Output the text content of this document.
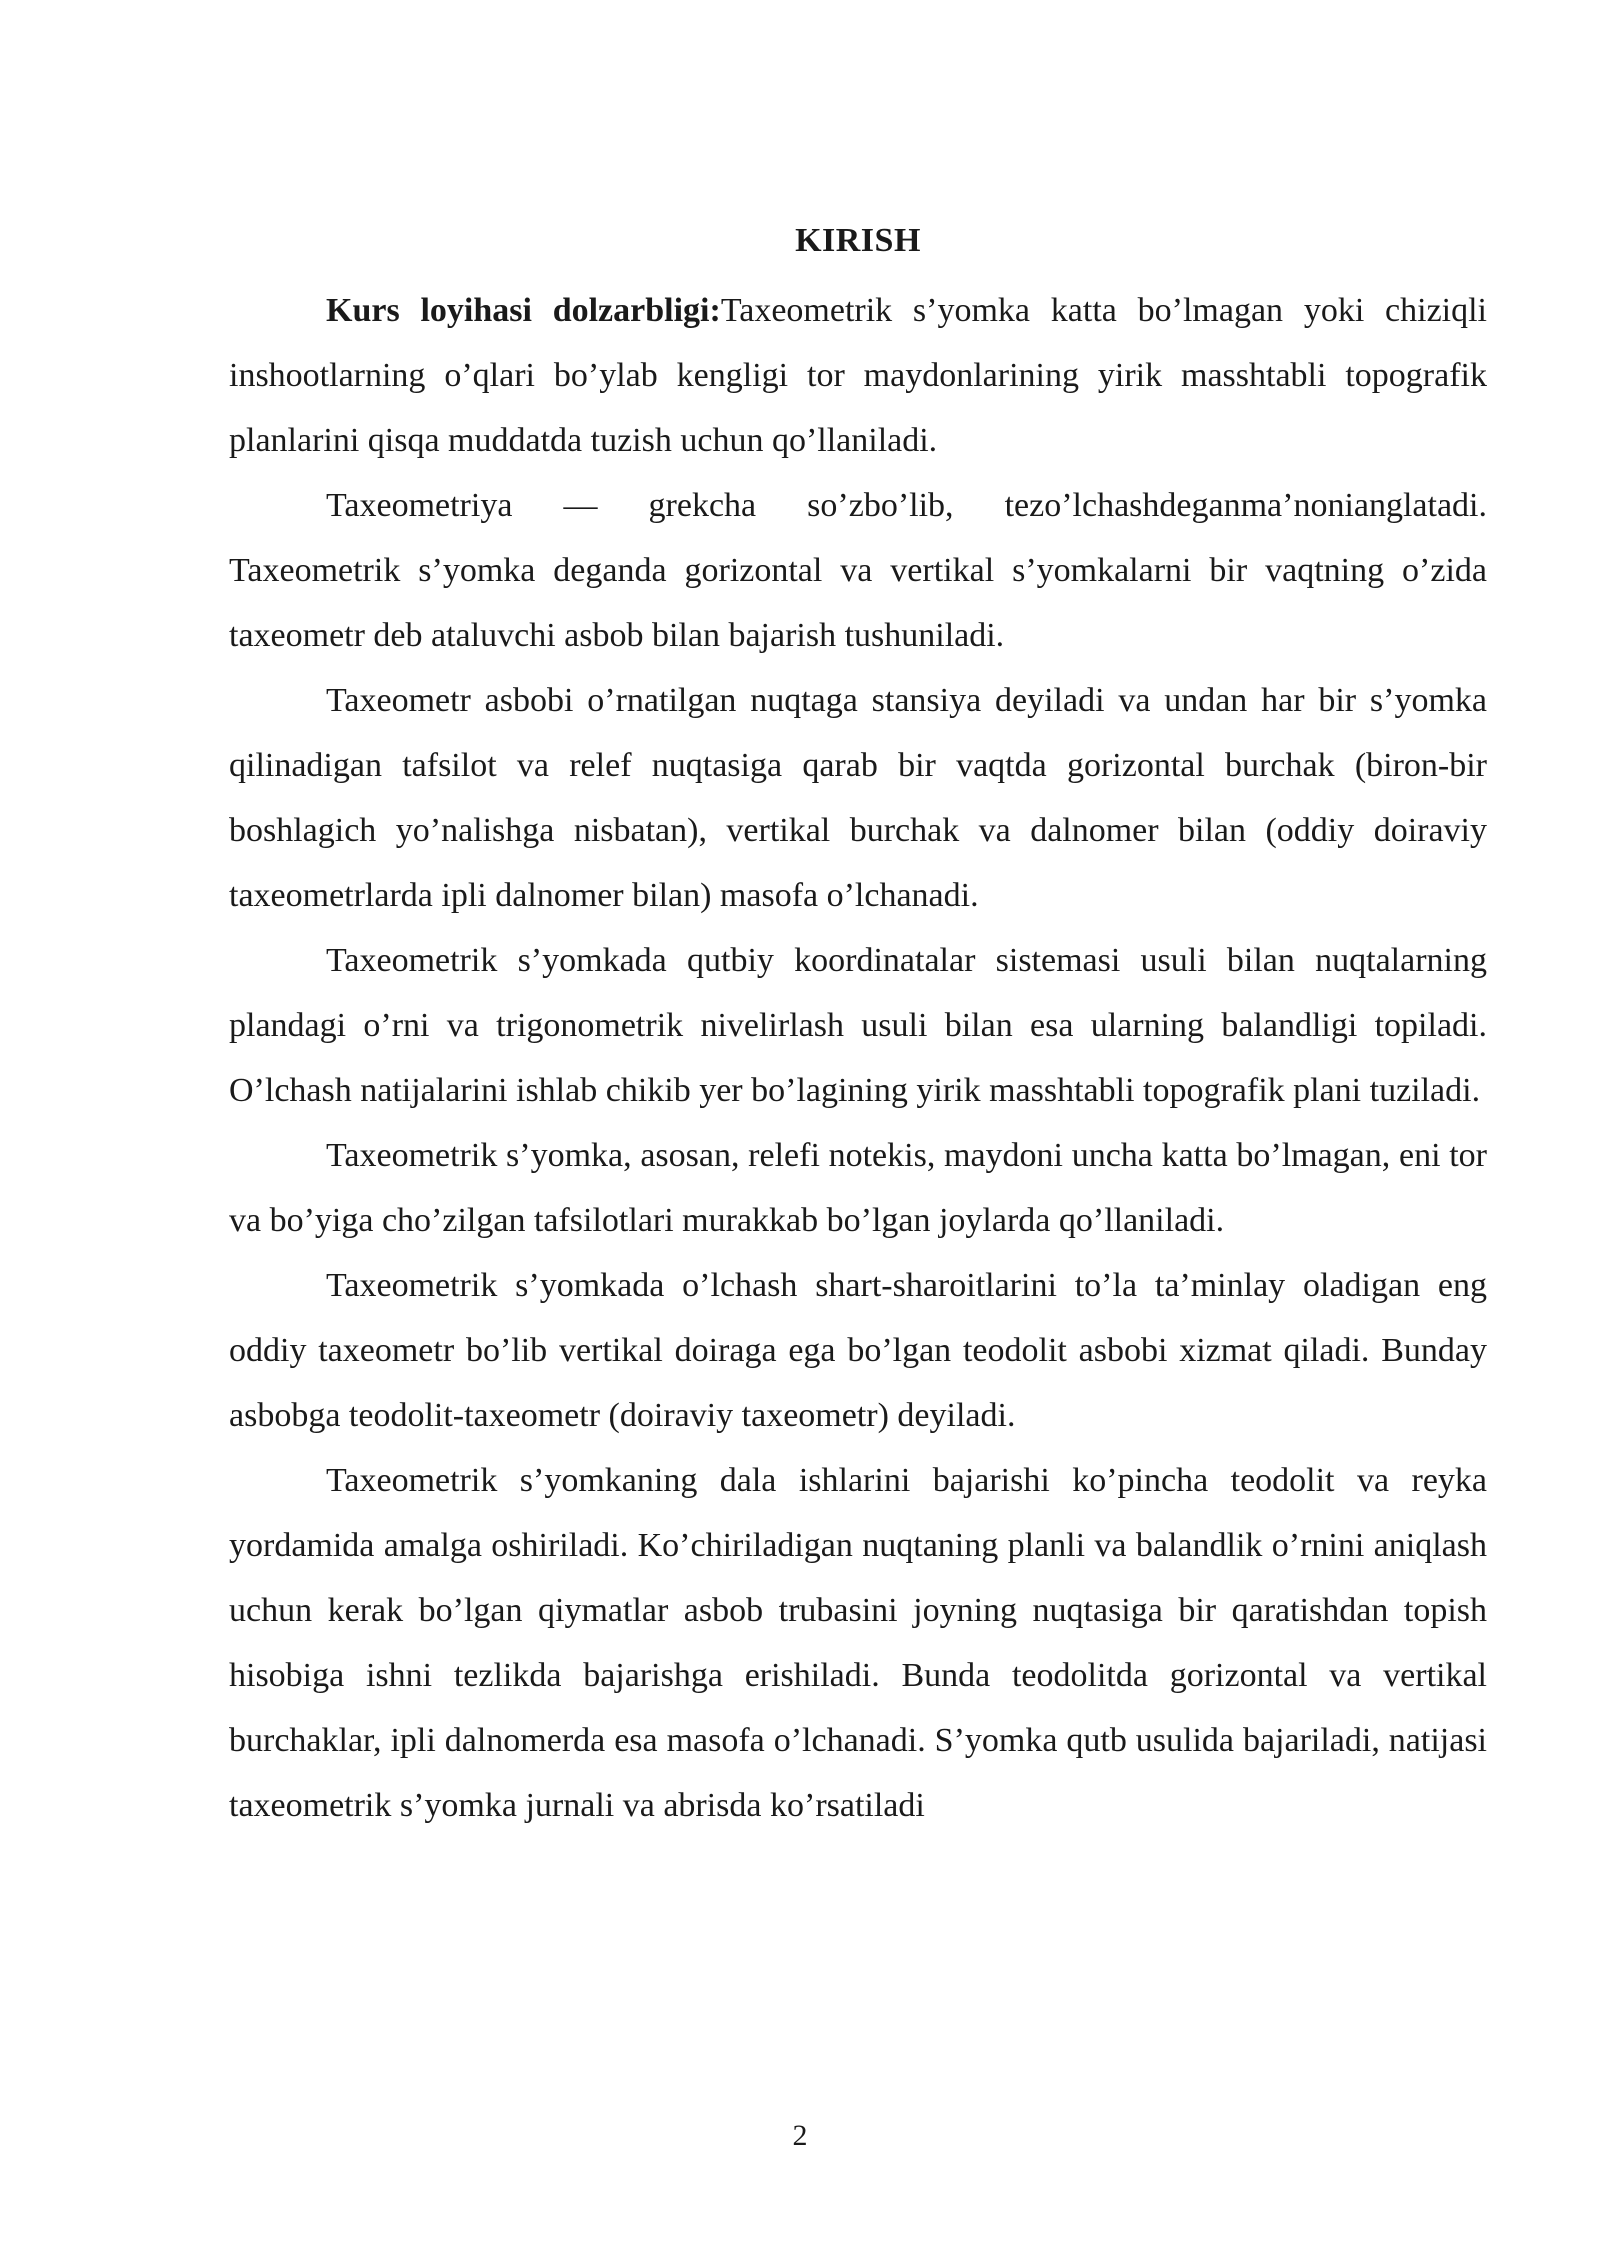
KIRISH

Kurs loyihasi dolzarbligi:Taxeometrik s’yomka katta bo’lmagan yoki chiziqli inshootlarning o’qlari bo’ylab kengligi tor maydonlarining yirik masshtabli topografik planlarini qisqa muddatda tuzish uchun qo’llaniladi.

Taxeometriya — grekcha so’zbo’lib, tezo’lchashdeganma’nonianglatadi. Taxeometrik s’yomka deganda gorizontal va vertikal s’yomkalarni bir vaqtning o’zida taxeometr deb ataluvchi asbob bilan bajarish tushuniladi.

Taxeometr asbobi o’rnatilgan nuqtaga stansiya deyiladi va undan har bir s’yomka qilinadigan tafsilot va relef nuqtasiga qarab bir vaqtda gorizontal burchak (biron-bir boshlagich yo’nalishga nisbatan), vertikal burchak va dalnomer bilan (oddiy doiraviy taxeometrlarda ipli dalnomer bilan) masofa o’lchanadi.

Taxeometrik s’yomkada qutbiy koordinatalar sistemasi usuli bilan nuqtalarning plandagi o’rni va trigonometrik nivelirlash usuli bilan esa ularning balandligi topiladi. O’lchash natijalarini ishlab chikib yer bo’lagining yirik masshtabli topografik plani tuziladi.

Taxeometrik s’yomka, asosan, relefi notekis, maydoni uncha katta bo’lmagan, eni tor va bo’yiga cho’zilgan tafsilotlari murakkab bo’lgan joylarda qo’llaniladi.

Taxeometrik s’yomkada o’lchash shart-sharoitlarini to’la ta’minlay oladigan eng oddiy taxeometr bo’lib vertikal doiraga ega bo’lgan teodolit asbobi xizmat qiladi. Bunday asbobga teodolit-taxeometr (doiraviy taxeometr) deyiladi.

Taxeometrik s’yomkaning dala ishlarini bajarishi ko’pincha teodolit va reyka yordamida amalga oshiriladi. Ko’chiriladigan nuqtaning planli va balandlik o’rnini aniqlash uchun kerak bo’lgan qiymatlar asbob trubasini joyning nuqtasiga bir qaratishdan topish hisobiga ishni tezlikda bajarishga erishiladi. Bunda teodolitda gorizontal va vertikal burchaklar, ipli dalnomerda esa masofa o’lchanadi. S’yomka qutb usulida bajariladi, natijasi taxeometrik s’yomka jurnali va abrisda ko’rsatiladi

2
